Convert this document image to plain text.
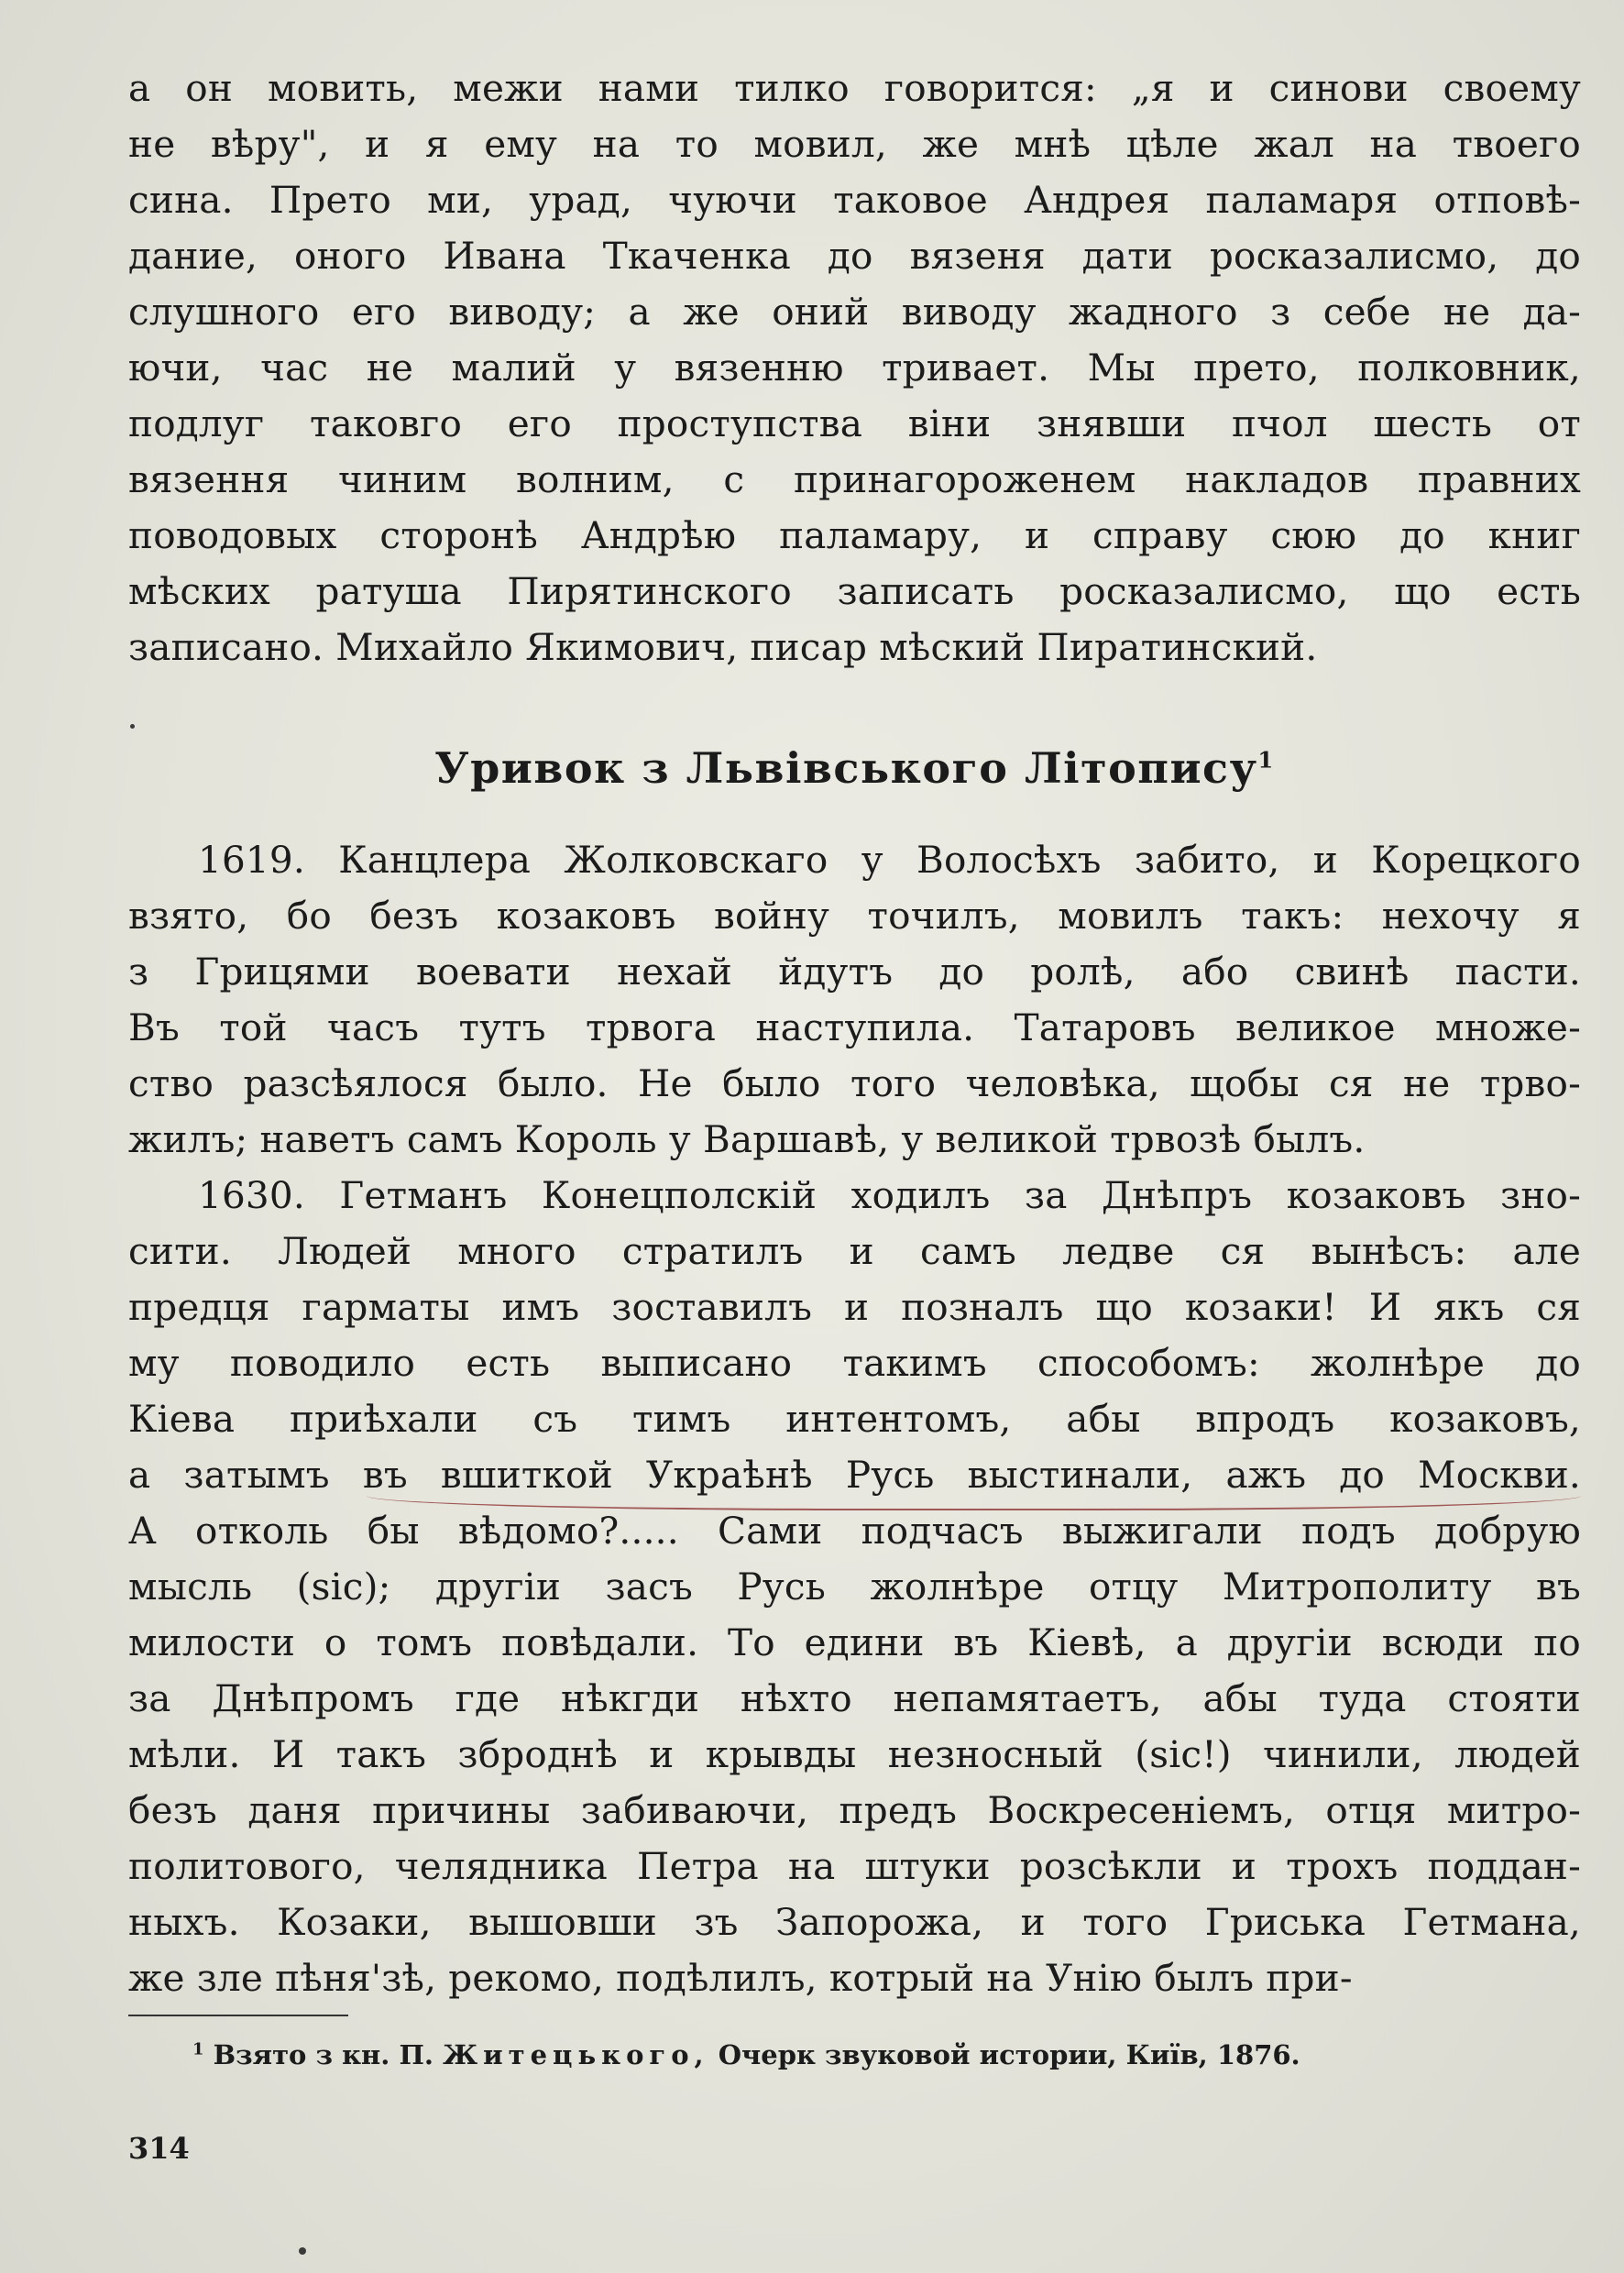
а он мовить, межи нами тилко говорится: „я и синови своему
не вѣру", и я ему на то мовил, же мнѣ цѣле жал на твоего
сина. Прето ми, урад, чуючи таковое Андрея паламаря отповѣ-
дание, оного Ивана Ткаченка до вязеня дати росказалисмо, до
слушного его виводу; а же оний виводу жадного з себе не да-
ючи, час не малий у вязенню тривает. Мы прето, полковник,
подлуг таковго его проступства віни знявши пчол шесть от
вязення чиним волним, с принагороженем накладов правних
поводовых сторонѣ Андрѣю паламару, и справу сюю до книг
мѣских ратуша Пирятинского записать росказалисмо, що есть
записано. Михайло Якимович, писар мѣский Пиратинский.
Уривок з Львівського Літопису$^1$
1619. Канцлера Жолковскаго у Волосѣхъ забито, и Корецкого
взято, бо безъ козаковъ войну точилъ, мовилъ такъ: нехочу я
з Грицями воевати нехай йдутъ до ролѣ, або свинѣ пасти.
Въ той часъ тутъ трвога наступила. Татаровъ великое множе-
ство разсѣялося было. Не было того человѣка, щобы ся не трво-
жилъ; наветъ самъ Король у Варшавѣ, у великой трвозѣ былъ.
1630. Гетманъ Конецполскій ходилъ за Днѣпръ козаковъ зно-
сити. Людей много стратилъ и самъ ледве ся вынѣсъ: але
предця гарматы имъ зоставилъ и позналъ що козаки! И якъ ся
му поводило есть выписано такимъ способомъ: жолнѣре до
Кіева приѣхали съ тимъ интентомъ, абы впродъ козаковъ,
а затымъ въ вшиткой Украѣнѣ Русь выстинали, ажъ до Москви.
А отколь бы вѣдомо?..... Сами подчасъ выжигали подъ добрую
мысль (sic); другіи засъ Русь жолнѣре отцу Митрополиту въ
милости о томъ повѣдали. То едини въ Кіевѣ, а другіи всюди по
за Днѣпромъ где нѣкгди нѣхто непамятаетъ, абы туда стояти
мѣли. И такъ зброднѣ и крывды незносный (sic!) чинили, людей
безъ даня причины забиваючи, предъ Воскресеніемъ, отця митро-
политового, челядника Петра на штуки розсѣкли и трохъ поддан-
ныхъ. Козаки, вышовши зъ Запорожа, и того Гриська Гетмана,
же зле пѣня'зѣ, рекомо, подѣлилъ, котрый на Унію былъ при-
$^1$ Взято з кн. П. Житецького, Очерк звуковой истории, Київ, 1876.
314
